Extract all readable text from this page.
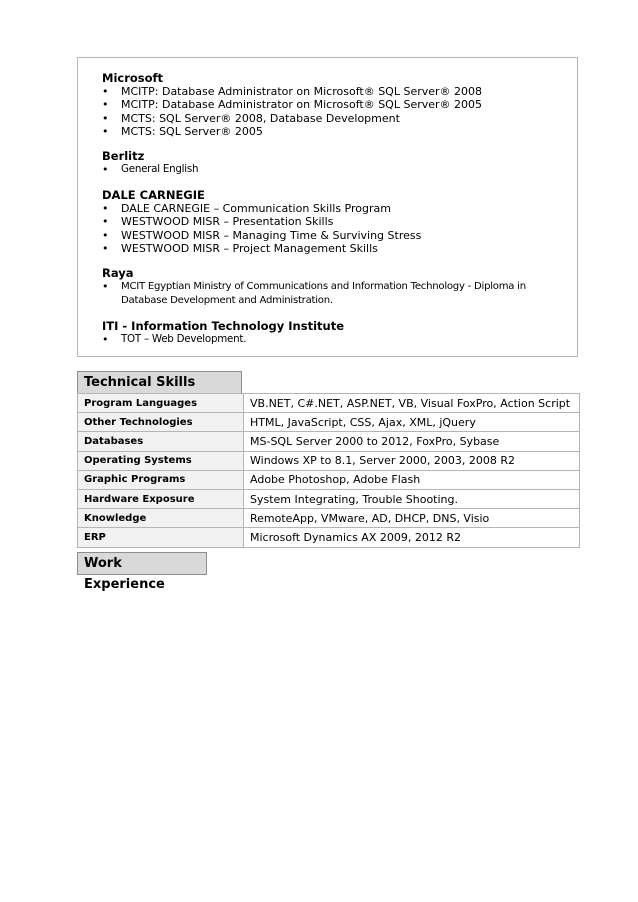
Microsoft

• MCITP: Database Administrator on Microsoft® SQL Server® 2008
• MCITP: Database Administrator on Microsoft® SQL Server® 2005
• MCTS: SQL Server® 2008, Database Development
• MCTS: SQL Server® 2005

Berlitz

• General English

DALE CARNEGIE

• DALE CARNEGIE – Communication Skills Program
• WESTWOOD MISR – Presentation Skills
• WESTWOOD MISR – Managing Time & Surviving Stress
• WESTWOOD MISR – Project Management Skills

Raya

• MCIT Egyptian Ministry of Communications and Information Technology - Diploma in Database Development and Administration.

ITI - Information Technology Institute

• TOT – Web Development.
Technical Skills
Program Languages	VB.NET, C#.NET, ASP.NET, VB, Visual FoxPro, Action Script
Other Technologies	HTML, JavaScript, CSS, Ajax, XML, jQuery
Databases	MS-SQL Server 2000 to 2012, FoxPro, Sybase
Operating Systems	Windows XP to 8.1, Server 2000, 2003, 2008 R2
Graphic Programs	Adobe Photoshop, Adobe Flash
Hardware Exposure	System Integrating, Trouble Shooting.
Knowledge	RemoteApp, VMware, AD, DHCP, DNS, Visio
ERP	Microsoft Dynamics AX 2009, 2012 R2
Work Experience
